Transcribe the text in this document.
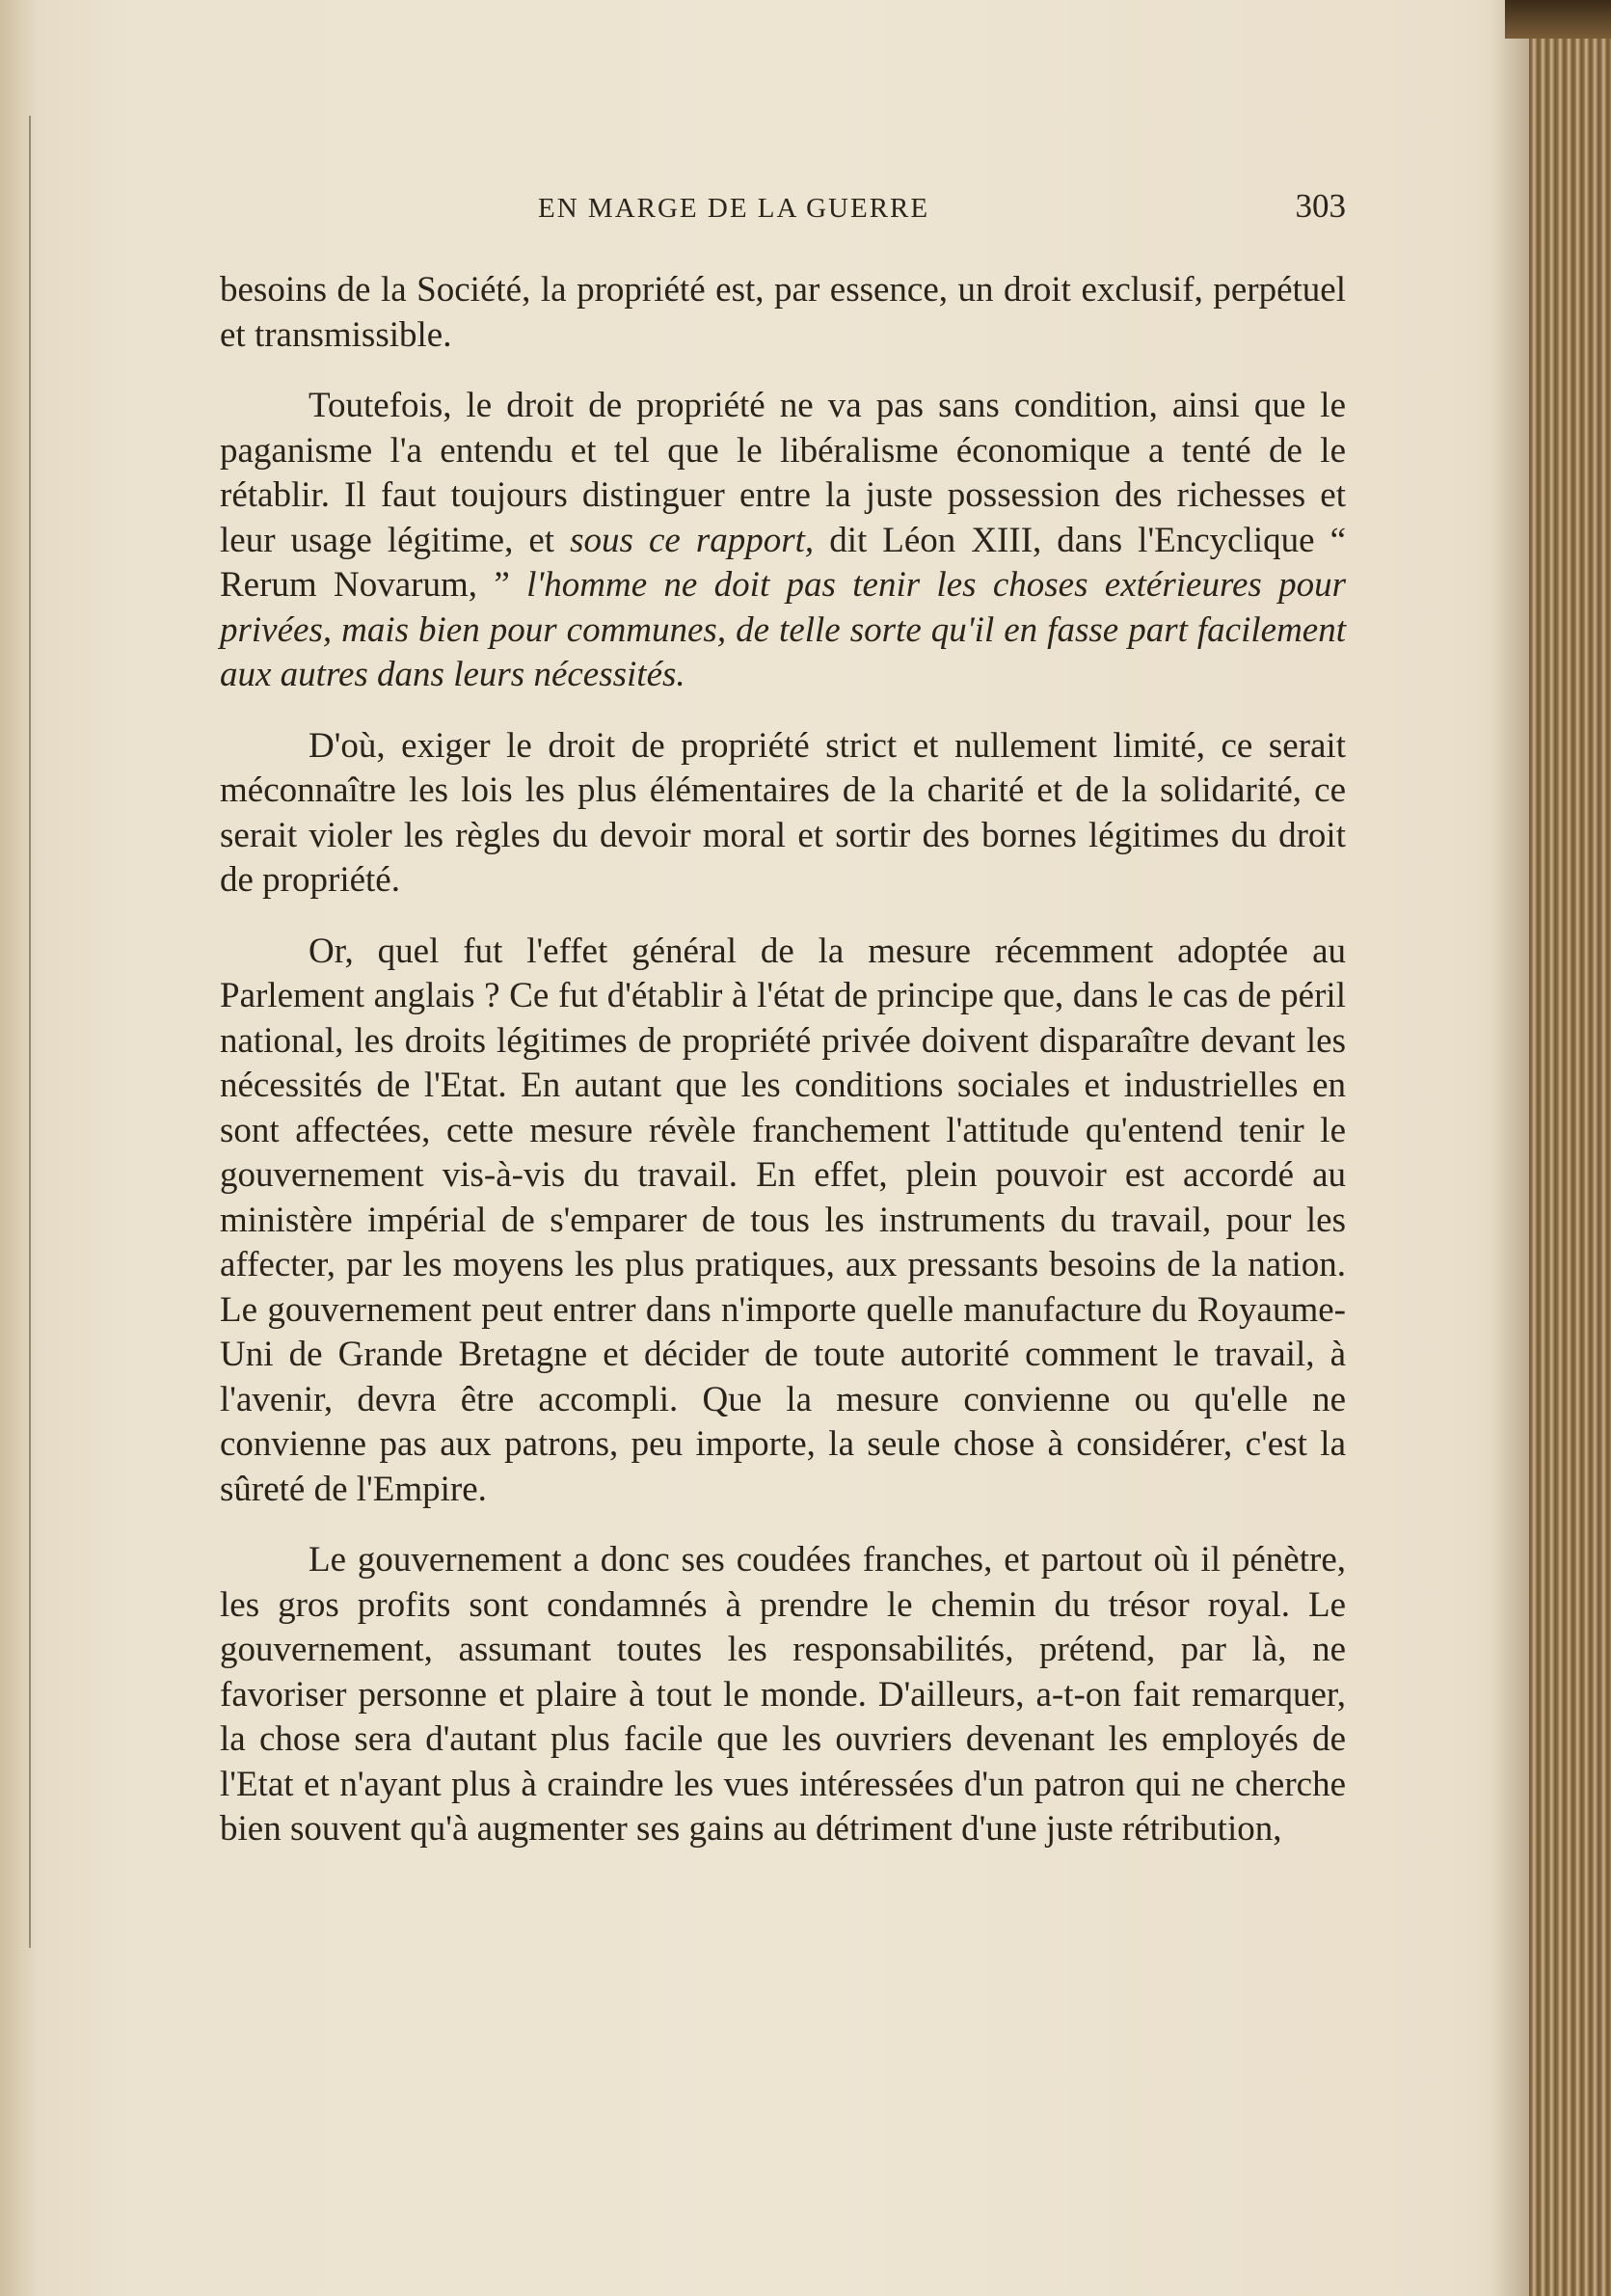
EN MARGE DE LA GUERRE	303

besoins de la Société, la propriété est, par essence, un droit exclusif, perpétuel et transmissible.

Toutefois, le droit de propriété ne va pas sans condition, ainsi que le paganisme l'a entendu et tel que le libéralisme économique a tenté de le rétablir. Il faut toujours distinguer entre la juste possession des richesses et leur usage légitime, et sous ce rapport, dit Léon XIII, dans l'Encyclique “ Rerum Novarum, ” l'homme ne doit pas tenir les choses extérieures pour privées, mais bien pour communes, de telle sorte qu'il en fasse part facilement aux autres dans leurs nécessités.

D'où, exiger le droit de propriété strict et nullement limité, ce serait méconnaître les lois les plus élémentaires de la charité et de la solidarité, ce serait violer les règles du devoir moral et sortir des bornes légitimes du droit de propriété.

Or, quel fut l'effet général de la mesure récemment adoptée au Parlement anglais ? Ce fut d'établir à l'état de principe que, dans le cas de péril national, les droits légitimes de propriété privée doivent disparaître devant les nécessités de l'Etat. En autant que les conditions sociales et industrielles en sont affectées, cette mesure révèle franchement l'attitude qu'entend tenir le gouvernement vis-à-vis du travail. En effet, plein pouvoir est accordé au ministère impérial de s'emparer de tous les instruments du travail, pour les affecter, par les moyens les plus pratiques, aux pressants besoins de la nation. Le gouvernement peut entrer dans n'importe quelle manufacture du Royaume-Uni de Grande Bretagne et décider de toute autorité comment le travail, à l'avenir, devra être accompli. Que la mesure convienne ou qu'elle ne convienne pas aux patrons, peu importe, la seule chose à considérer, c'est la sûreté de l'Empire.

Le gouvernement a donc ses coudées franches, et partout où il pénètre, les gros profits sont condamnés à prendre le chemin du trésor royal. Le gouvernement, assumant toutes les responsabilités, prétend, par là, ne favoriser personne et plaire à tout le monde. D'ailleurs, a-t-on fait remarquer, la chose sera d'autant plus facile que les ouvriers devenant les employés de l'Etat et n'ayant plus à craindre les vues intéressées d'un patron qui ne cherche bien souvent qu'à augmenter ses gains au détriment d'une juste rétribution,
